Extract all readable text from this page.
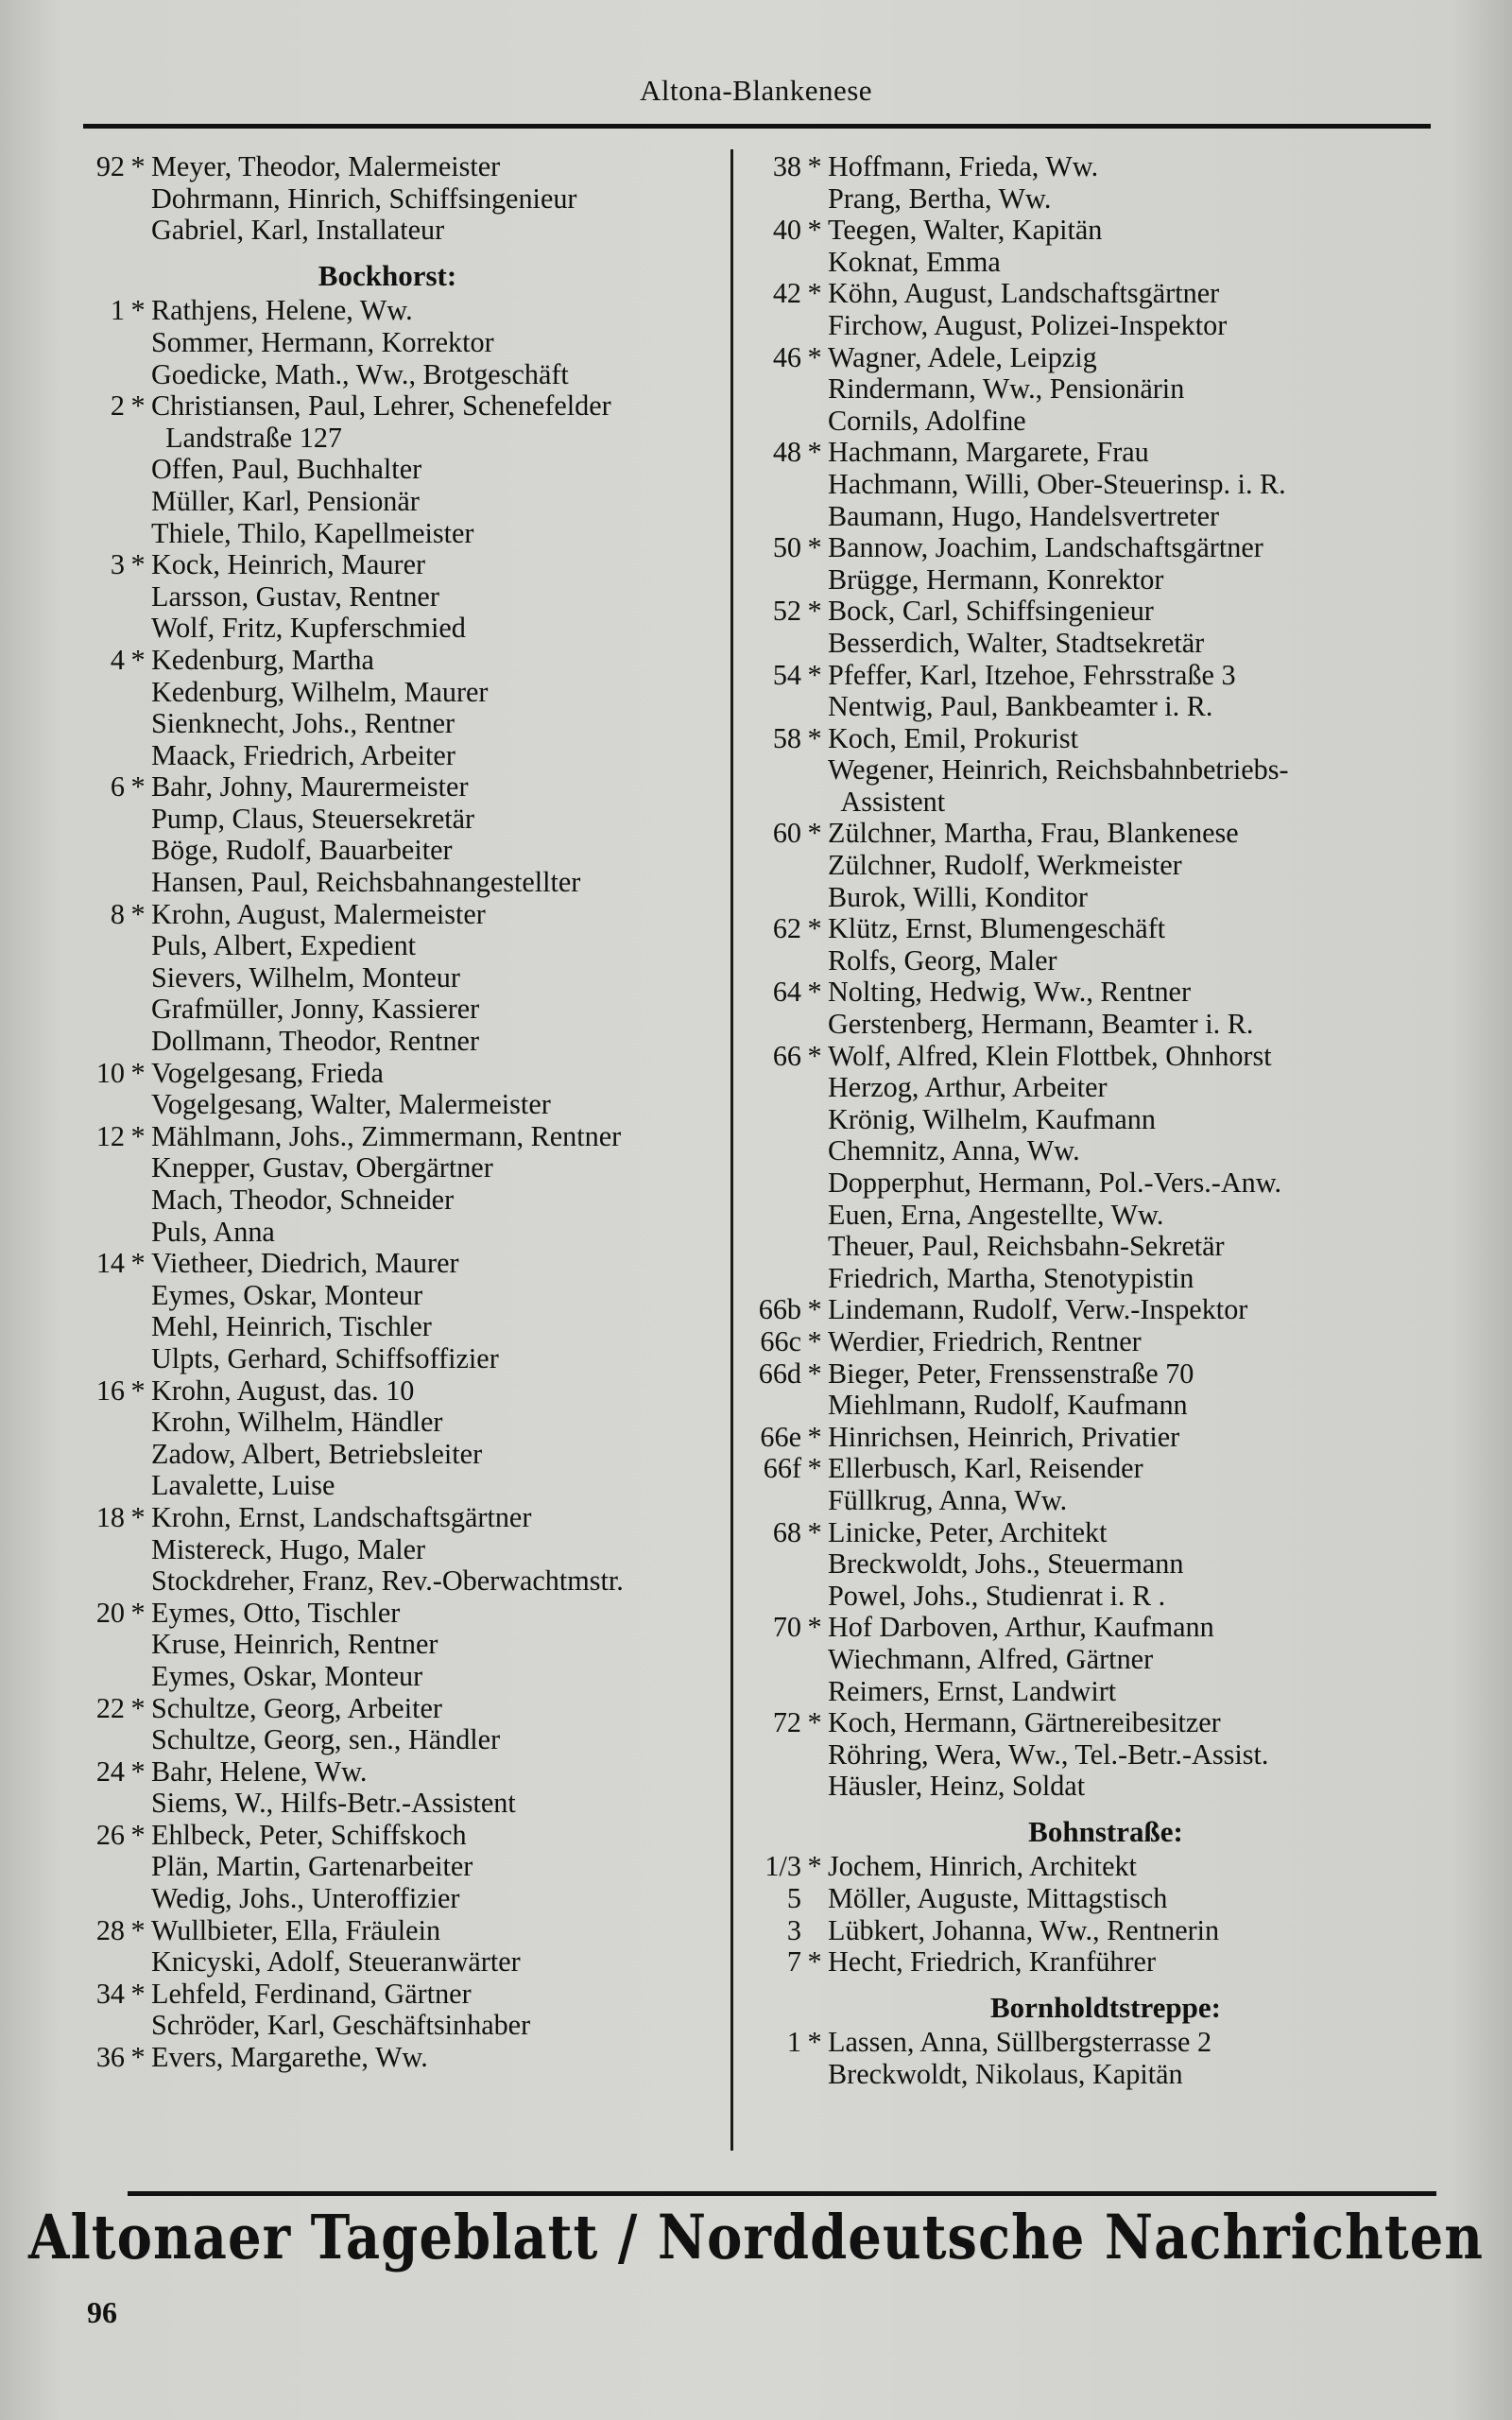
Altona-Blankenese
92 * Meyer, Theodor, Malermeister
Dohrmann, Hinrich, Schiffsingenieur
Gabriel, Karl, Installateur
Bockhorst:
1 * Rathjens, Helene, Ww.
Sommer, Hermann, Korrektor
Goedicke, Math., Ww., Brotgeschäft
2 * Christiansen, Paul, Lehrer, Schenefelder
Landstraße 127
Offen, Paul, Buchhalter
Müller, Karl, Pensionär
Thiele, Thilo, Kapellmeister
3 * Kock, Heinrich, Maurer
Larsson, Gustav, Rentner
Wolf, Fritz, Kupferschmied
4 * Kedenburg, Martha
Kedenburg, Wilhelm, Maurer
Sienknecht, Johs., Rentner
Maack, Friedrich, Arbeiter
6 * Bahr, Johny, Maurermeister
Pump, Claus, Steuersekretär
Böge, Rudolf, Bauarbeiter
Hansen, Paul, Reichsbahnangestellter
8 * Krohn, August, Malermeister
Puls, Albert, Expedient
Sievers, Wilhelm, Monteur
Grafmüller, Jonny, Kassierer
Dollmann, Theodor, Rentner
10 * Vogelgesang, Frieda
Vogelgesang, Walter, Malermeister
12 * Mählmann, Johs., Zimmermann, Rentner
Knepper, Gustav, Obergärtner
Mach, Theodor, Schneider
Puls, Anna
14 * Vietheer, Diedrich, Maurer
Eymes, Oskar, Monteur
Mehl, Heinrich, Tischler
Ulpts, Gerhard, Schiffsoffizier
16 * Krohn, August, das. 10
Krohn, Wilhelm, Händler
Zadow, Albert, Betriebsleiter
Lavalette, Luise
18 * Krohn, Ernst, Landschaftsgärtner
Mistereck, Hugo, Maler
Stockdreher, Franz, Rev.-Oberwachtmstr.
20 * Eymes, Otto, Tischler
Kruse, Heinrich, Rentner
Eymes, Oskar, Monteur
22 * Schultze, Georg, Arbeiter
Schultze, Georg, sen., Händler
24 * Bahr, Helene, Ww.
Siems, W., Hilfs-Betr.-Assistent
26 * Ehlbeck, Peter, Schiffskoch
Plän, Martin, Gartenarbeiter
Wedig, Johs., Unteroffizier
28 * Wullbieter, Ella, Fräulein
Knicyski, Adolf, Steueranwärter
34 * Lehfeld, Ferdinand, Gärtner
Schröder, Karl, Geschäftsinhaber
36 * Evers, Margarethe, Ww.
38 * Hoffmann, Frieda, Ww.
Prang, Bertha, Ww.
40 * Teegen, Walter, Kapitän
Koknat, Emma
42 * Köhn, August, Landschaftsgärtner
Firchow, August, Polizei-Inspektor
46 * Wagner, Adele, Leipzig
Rindermann, Ww., Pensionärin
Cornils, Adolfine
48 * Hachmann, Margarete, Frau
Hachmann, Willi, Ober-Steuerinsp. i. R.
Baumann, Hugo, Handelsvertreter
50 * Bannow, Joachim, Landschaftsgärtner
Brügge, Hermann, Konrektor
52 * Bock, Carl, Schiffsingenieur
Besserdich, Walter, Stadtsekretär
54 * Pfeffer, Karl, Itzehoe, Fehrsstraße 3
Nentwig, Paul, Bankbeamter i. R.
58 * Koch, Emil, Prokurist
Wegener, Heinrich, Reichsbahnbetriebs-
Assistent
60 * Zülchner, Martha, Frau, Blankenese
Zülchner, Rudolf, Werkmeister
Burok, Willi, Konditor
62 * Klütz, Ernst, Blumengeschäft
Rolfs, Georg, Maler
64 * Nolting, Hedwig, Ww., Rentner
Gerstenberg, Hermann, Beamter i. R.
66 * Wolf, Alfred, Klein Flottbek, Ohnhorst
Herzog, Arthur, Arbeiter
Krönig, Wilhelm, Kaufmann
Chemnitz, Anna, Ww.
Dopperphut, Hermann, Pol.-Vers.-Anw.
Euen, Erna, Angestellte, Ww.
Theuer, Paul, Reichsbahn-Sekretär
Friedrich, Martha, Stenotypistin
66b * Lindemann, Rudolf, Verw.-Inspektor
66c * Werdier, Friedrich, Rentner
66d * Bieger, Peter, Frenssenstraße 70
Miehlmann, Rudolf, Kaufmann
66e * Hinrichsen, Heinrich, Privatier
66f * Ellerbusch, Karl, Reisender
Füllkrug, Anna, Ww.
68 * Linicke, Peter, Architekt
Breckwoldt, Johs., Steuermann
Powel, Johs., Studienrat i. R .
70 * Hof Darboven, Arthur, Kaufmann
Wiechmann, Alfred, Gärtner
Reimers, Ernst, Landwirt
72 * Koch, Hermann, Gärtnereibesitzer
Röhring, Wera, Ww., Tel.-Betr.-Assist.
Häusler, Heinz, Soldat
Bohnstraße:
1/3 * Jochem, Hinrich, Architekt
5 Möller, Auguste, Mittagstisch
3 Lübkert, Johanna, Ww., Rentnerin
7 * Hecht, Friedrich, Kranführer
Bornholdtstreppe:
1 * Lassen, Anna, Süllbergsterrasse 2
Breckwoldt, Nikolaus, Kapitän
Altonaer Tageblatt / Norddeutsche Nachrichten
96
